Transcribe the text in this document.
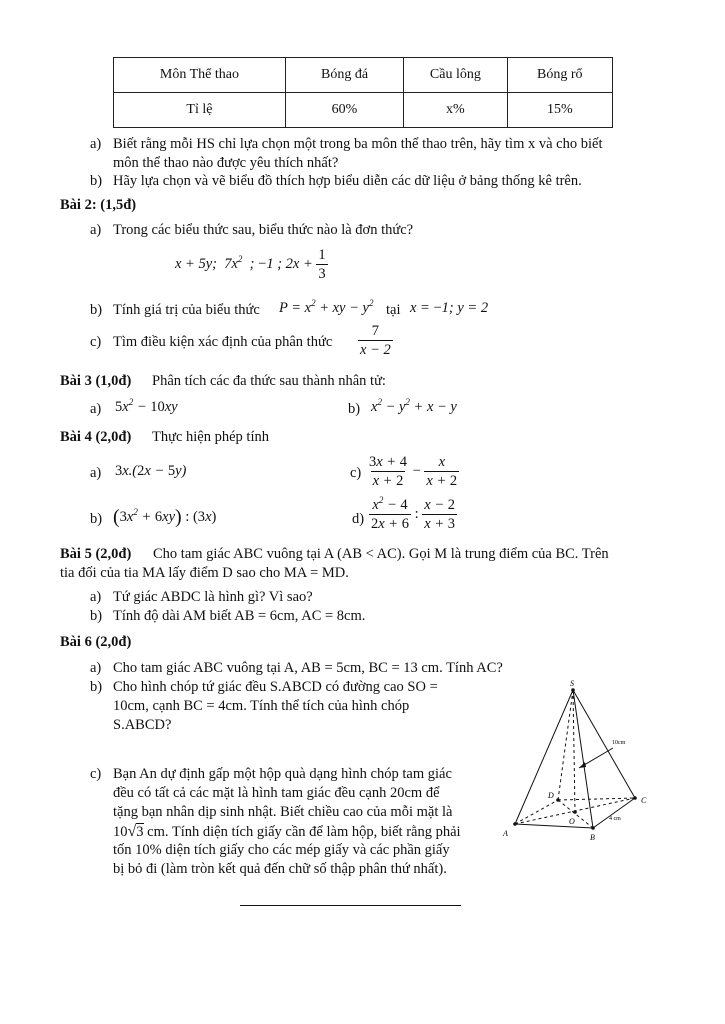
Môn Thể thao	Bóng đá	Cầu lông	Bóng rổ
Tỉ lệ	60%	x%	15%
a) Biết rằng mỗi HS chỉ lựa chọn một trong ba môn thể thao trên, hãy tìm x và cho biết
môn thể thao nào được yêu thích nhất?
b) Hãy lựa chọn và vẽ biểu đồ thích hợp biểu diễn các dữ liệu ở bảng thống kê trên.
Bài 2: (1,5đ)
a) Trong các biểu thức sau, biểu thức nào là đơn thức?
x + 5y;  $7x^2$  ; −1 ; $2x + \frac{1}{3}$
b) Tính giá trị của biểu thức $P = x^2$ + xy − $y^2$ tại x = −1; y = 2
c) Tìm điều kiện xác định của phân thức $\frac{7}{x - 2}$
Bài 3 (1,0đ) Phân tích các đa thức sau thành nhân tử:
a) $5x^2 - 10xy$	b) $x^2 - y^2 + x - y$
Bài 4 (2,0đ) Thực hiện phép tính
a) 3x.(2x − 5y)	$c) \frac{3x + 4}{x + 2} - \frac{x}{x + 2}$
b) $(3x^2 + 6xy)$ : (3x)	$d) \frac{x^2 - 4}{2x + 6}$ : $\frac{x - 2}{x + 3}$
Bài 5 (2,0đ) Cho tam giác ABC vuông tại A (AB < AC). Gọi M là trung điểm của BC. Trên
tia đối của tia MA lấy điểm D sao cho MA = MD.
a) Tứ giác ABDC là hình gì? Vì sao?
b) Tính độ dài AM biết AB = 6cm, AC = 8cm.
Bài 6 (2,0đ)
a) Cho tam giác ABC vuông tại A, AB = 5cm, BC = 13 cm. Tính AC?
b) Cho hình chóp tứ giác đều S.ABCD có đường cao SO =
10cm, cạnh BC = 4cm. Tính thể tích của hình chóp
S.ABCD?
c) Bạn An dự định gấp một hộp quà dạng hình chóp tam giác
đều có tất cả các mặt là hình tam giác đều cạnh 20cm để
tặng bạn nhân dịp sinh nhật. Biết chiều cao của mỗi mặt là
10√3 cm. Tính diện tích giấy cần để làm hộp, biết rằng phải
tốn 10% diện tích giấy cho các mép giấy và các phần giấy
bị bỏ đi (làm tròn kết quả đến chữ số thập phân thứ nhất).
S
A	B
C
D
O
10cm
4 cm
